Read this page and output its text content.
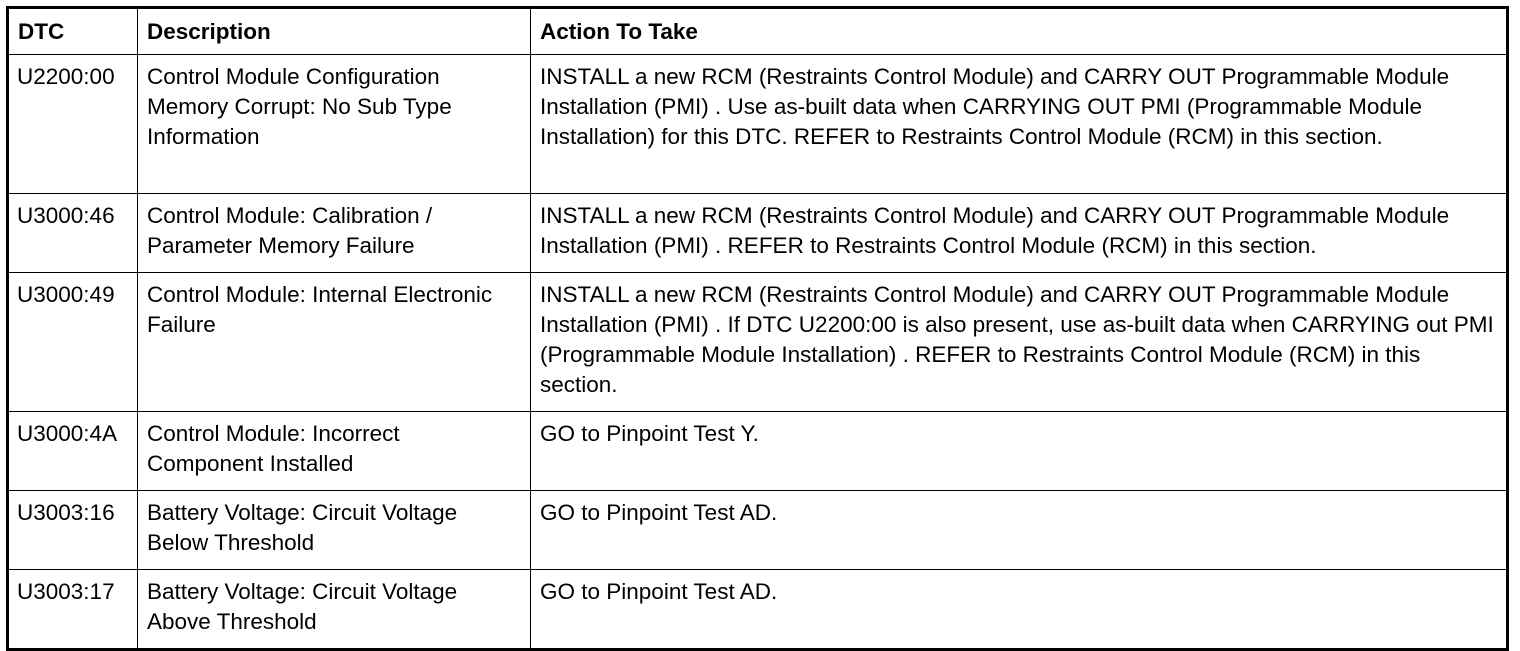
DTC	Description	Action To Take
U2200:00	Control Module Configuration Memory Corrupt: No Sub Type Information	INSTALL a new RCM (Restraints Control Module) and CARRY OUT Programmable Module Installation (PMI) . Use as-built data when CARRYING OUT PMI (Programmable Module Installation) for this DTC. REFER to Restraints Control Module (RCM) in this section.
U3000:46	Control Module: Calibration / Parameter Memory Failure	INSTALL a new RCM (Restraints Control Module) and CARRY OUT Programmable Module Installation (PMI) . REFER to Restraints Control Module (RCM) in this section.
U3000:49	Control Module: Internal Electronic Failure	INSTALL a new RCM (Restraints Control Module) and CARRY OUT Programmable Module Installation (PMI) . If DTC U2200:00 is also present, use as-built data when CARRYING out PMI (Programmable Module Installation) . REFER to Restraints Control Module (RCM) in this section.
U3000:4A	Control Module: Incorrect Component Installed	GO to Pinpoint Test Y.
U3003:16	Battery Voltage: Circuit Voltage Below Threshold	GO to Pinpoint Test AD.
U3003:17	Battery Voltage: Circuit Voltage Above Threshold	GO to Pinpoint Test AD.
